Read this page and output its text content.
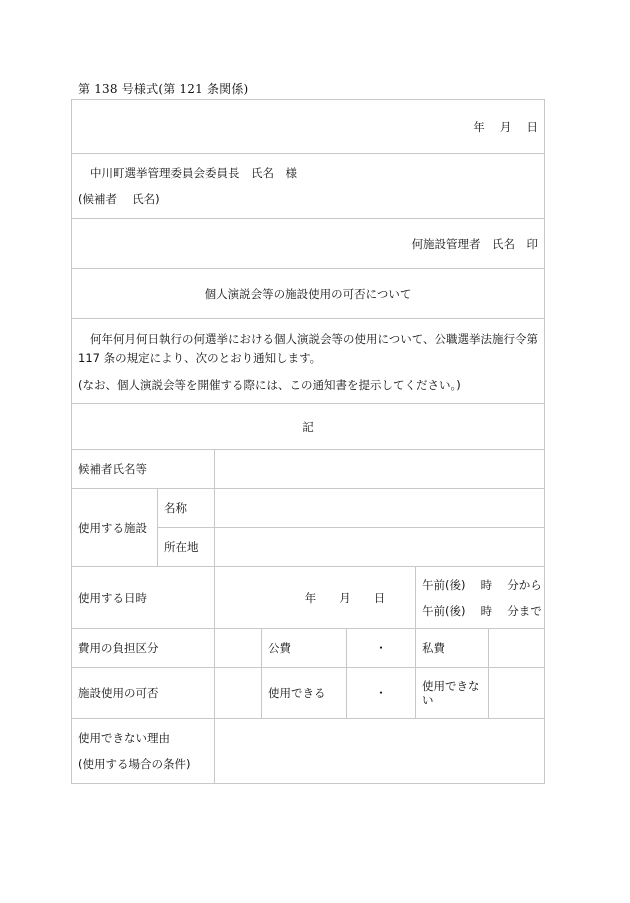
第 138 号様式(第 121 条関係)
年　 月　 日						

中川町選挙管理委員会委員長　氏名　様
(候補者　 氏名)						

何施設管理者　氏名　印						
個人演説会等の施設使用の可否について						

何年何月何日執行の何選挙における個人演説会等の使用について、公職選挙法施行令第 117 条の規定により、次のとおり通知します。
(なお、個人演説会等を開催する際には、この通知書を提示してください。)						

記						
候補者氏名等						
使用する施設	名称					
	所在地					
使用する日時		年　　月　　日			午前(後)　 時　 分から
午前(後)　 時　 分まで	

費用の負担区分			公費	・	私費	
施設使用の可否			使用できる	・	使用できない	

使用できない理由
(使用する場合の条件)						
